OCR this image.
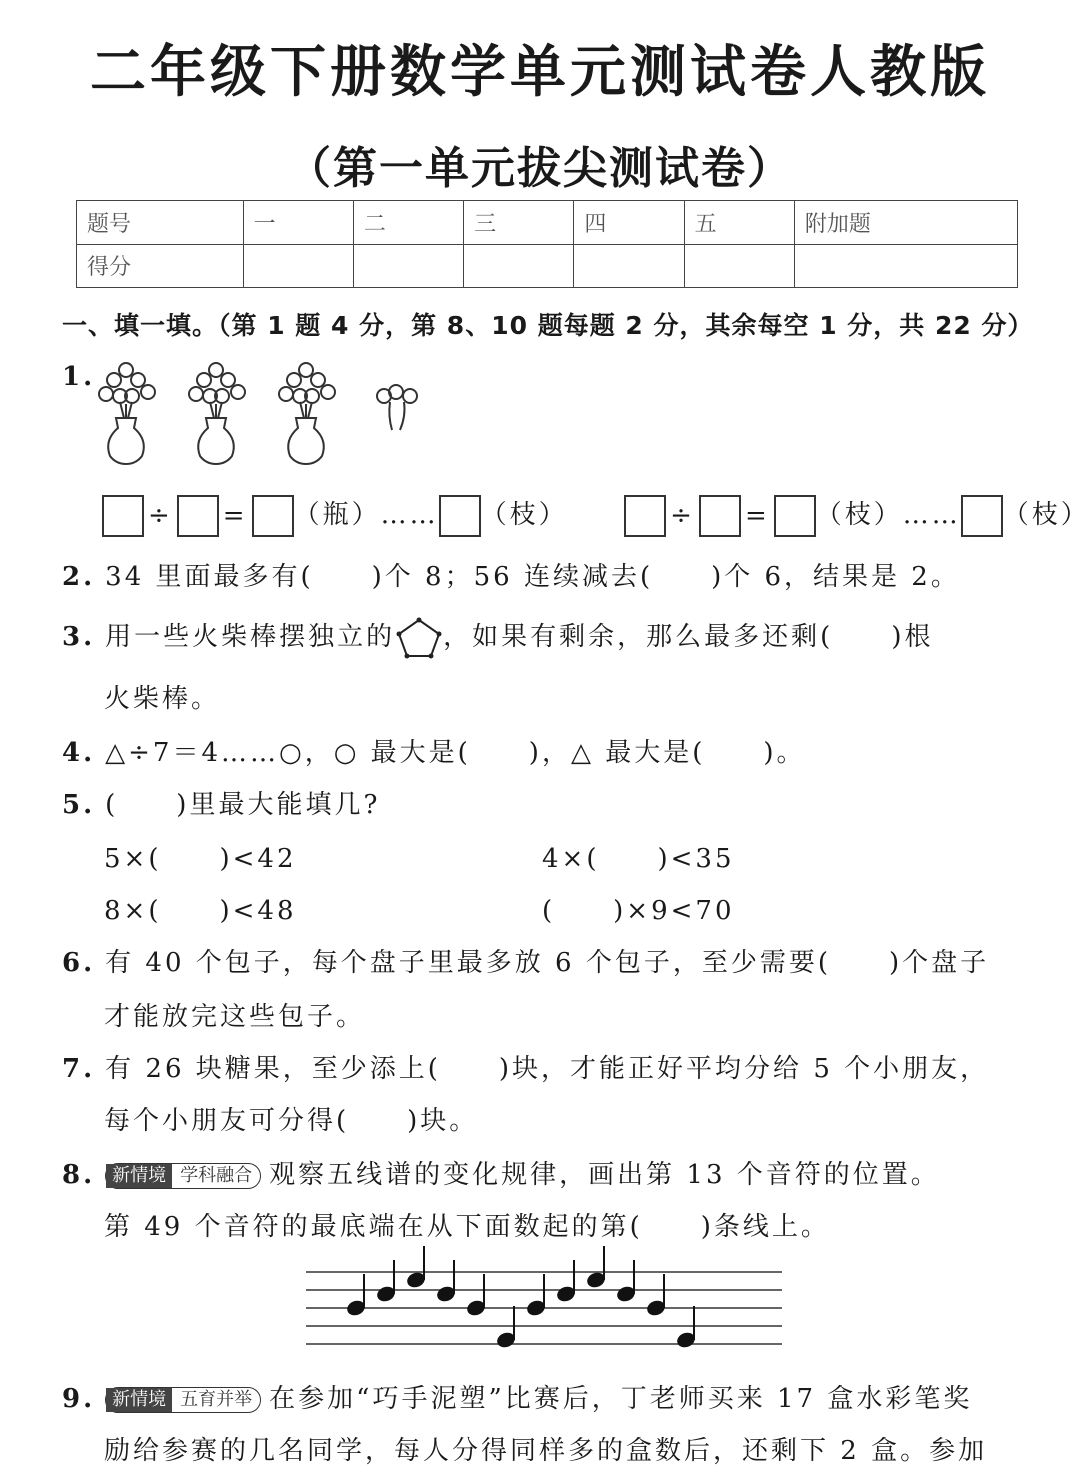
二年级下册数学单元测试卷人教版
（第一单元拔尖测试卷）
题号	一	二	三	四	五	附加题
得分						
一、填一填。（第 1 题 4 分，第 8、10 题每题 2 分，其余每空 1 分，共 22 分）
1.
÷ = （瓶）…… （枝）	÷ = （枝）…… （枝）
2. 34 里面最多有(　　)个 8；56 连续减去(　　)个 6，结果是 2。
3. 用一些火柴棒摆独立的 ，如果有剩余，那么最多还剩(　　)根
火柴棒。
4. △÷7＝4……○，○ 最大是(　　)，△ 最大是(　　)。
5. (　　)里最大能填几?
5×(　　)<42	4×(　　)<35
8×(　　)<48	(　　)×9<70
6. 有 40 个包子，每个盘子里最多放 6 个包子，至少需要(　　)个盘子
才能放完这些包子。
7. 有 26 块糖果，至少添上(　　)块，才能正好平均分给 5 个小朋友，
每个小朋友可分得(　　)块。
8. 新情境 学科融合 观察五线谱的变化规律，画出第 13 个音符的位置。
第 49 个音符的最底端在从下面数起的第(　　)条线上。
9. 新情境 五育并举 在参加“巧手泥塑”比赛后，丁老师买来 17 盒水彩笔奖
励给参赛的几名同学，每人分得同样多的盒数后，还剩下 2 盒。参加
